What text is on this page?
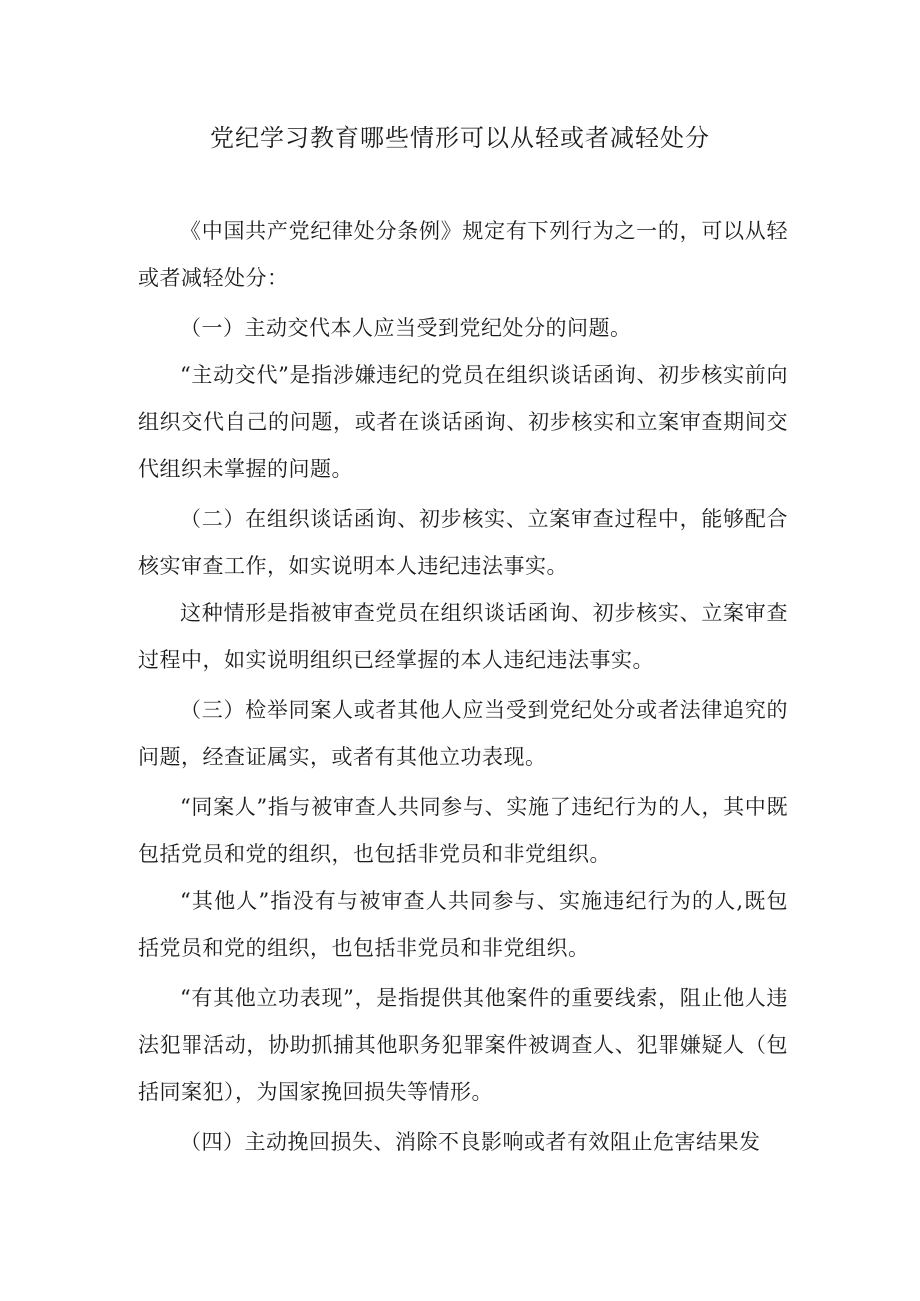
党纪学习教育哪些情形可以从轻或者减轻处分

《中国共产党纪律处分条例》规定有下列行为之一的，可以从轻或者减轻处分：

（一）主动交代本人应当受到党纪处分的问题。

“主动交代”是指涉嫌违纪的党员在组织谈话函询、初步核实前向组织交代自己的问题，或者在谈话函询、初步核实和立案审查期间交代组织未掌握的问题。

（二）在组织谈话函询、初步核实、立案审查过程中，能够配合核实审查工作，如实说明本人违纪违法事实。

这种情形是指被审查党员在组织谈话函询、初步核实、立案审查过程中，如实说明组织已经掌握的本人违纪违法事实。

（三）检举同案人或者其他人应当受到党纪处分或者法律追究的问题，经查证属实，或者有其他立功表现。

“同案人”指与被审查人共同参与、实施了违纪行为的人，其中既包括党员和党的组织，也包括非党员和非党组织。

“其他人”指没有与被审查人共同参与、实施违纪行为的人,既包括党员和党的组织，也包括非党员和非党组织。

“有其他立功表现”，是指提供其他案件的重要线索，阻止他人违法犯罪活动，协助抓捕其他职务犯罪案件被调查人、犯罪嫌疑人（包括同案犯），为国家挽回损失等情形。

（四）主动挽回损失、消除不良影响或者有效阻止危害结果发
